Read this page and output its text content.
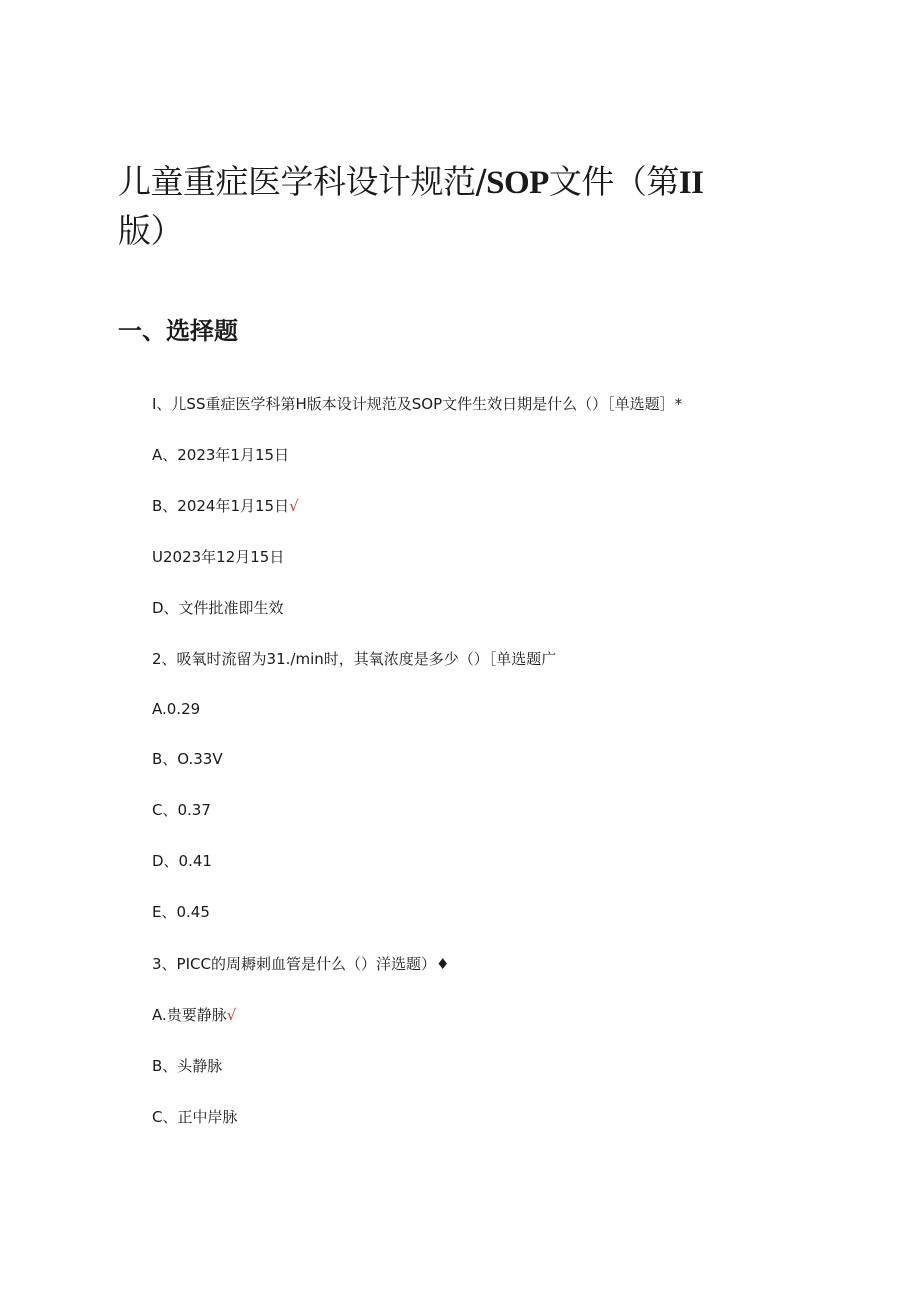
儿童重症医学科设计规范/SOP文件（第II
版）
一、选择题
I、儿SS重症医学科第H版本设计规范及SOP文件生效日期是什么（）［单选题］*
A、2023年1月15日
B、2024年1月15日√
U2023年12月15日
D、文件批准即生效
2、吸氧时流留为31./min时，其氧浓度是多少（）［单选题广
A.0.29
B、O.33V
C、0.37
D、0.41
E、0.45
3、PICC的周耨刺血管是什么（）洋选题）♦
A.贵要静脉√
B、头静脉
C、正中岸脉
